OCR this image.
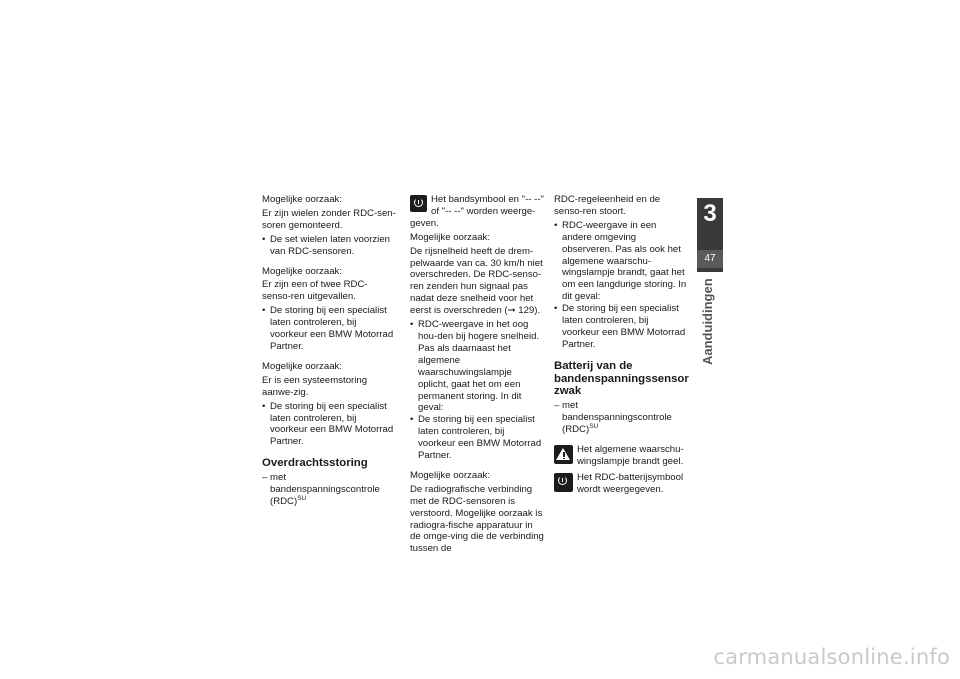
Mogelijke oorzaak:

Er zijn wielen zonder RDC-sen-soren gemonteerd.

• De set wielen laten voorzien van RDC-sensoren.

Mogelijke oorzaak:

Er zijn een of twee RDC-senso-ren uitgevallen.

• De storing bij een specialist laten controleren, bij voorkeur een BMW Motorrad Partner.

Mogelijke oorzaak:

Er is een systeemstoring aanwe-zig.

• De storing bij een specialist laten controleren, bij voorkeur een BMW Motorrad Partner.

Overdrachtsstoring

– met bandenspanningscontrole (RDC)$^{SU}$

Het bandsymbool en "-- --" of "-- --" worden weerge-geven.

Mogelijke oorzaak:

De rijsnelheid heeft de drem-pelwaarde van ca. 30 km/h niet overschreden. De RDC-senso-ren zenden hun signaal pas nadat deze snelheid voor het eerst is overschreden (➞ 129).

• RDC-weergave in het oog hou-den bij hogere snelheid. Pas als daarnaast het algemene waarschuwingslampje oplicht, gaat het om een permanent storing. In dit geval:

• De storing bij een specialist laten controleren, bij voorkeur een BMW Motorrad Partner.

Mogelijke oorzaak:

De radiografische verbinding met de RDC-sensoren is verstoord. Mogelijke oorzaak is radiogra-fische apparatuur in de omge-ving die de verbinding tussen de

RDC-regeleenheid en de senso-ren stoort.

• RDC-weergave in een andere omgeving observeren. Pas als ook het algemene waarschu-wingslampje brandt, gaat het om een langdurige storing. In dit geval:

• De storing bij een specialist laten controleren, bij voorkeur een BMW Motorrad Partner.

Batterij van de bandenspanningssensor zwak

– met bandenspanningscontrole (RDC)$^{SU}$

Het algemene waarschu-wingslampje brandt geel.
Het RDC-batterijsymbool wordt weergegeven.
3
47
Aanduidingen
carmanualsonline.info
